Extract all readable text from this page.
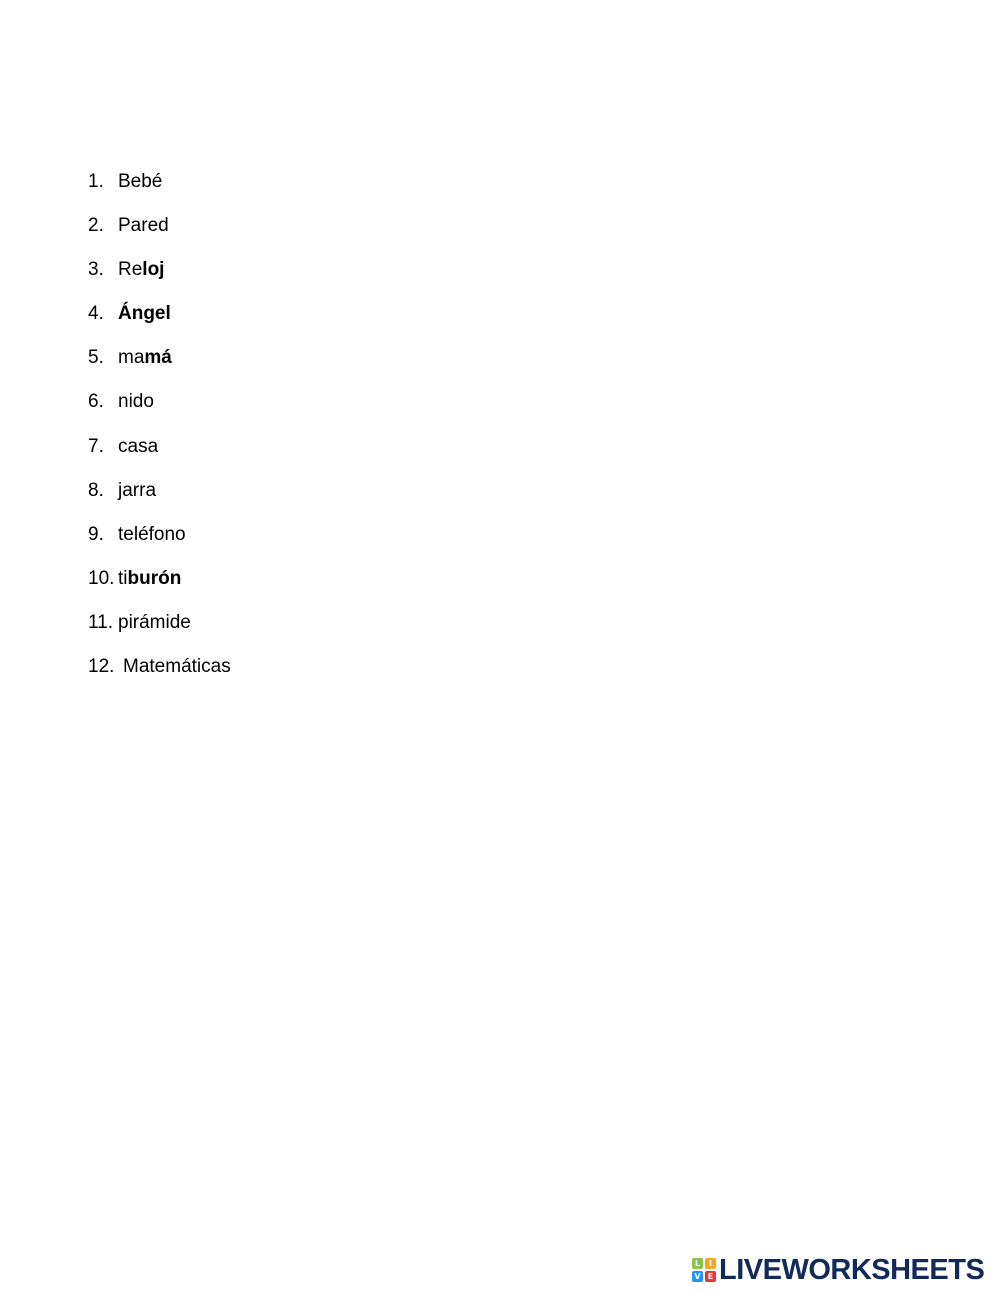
1. Bebé
2. Pared
3. Reloj
4. Ángel
5. mamá
6. nido
7. casa
8. jarra
9. teléfono
10. tiburón
11. pirámide
12. Matemáticas
L	I
V E LIVEWORKSHEETS
